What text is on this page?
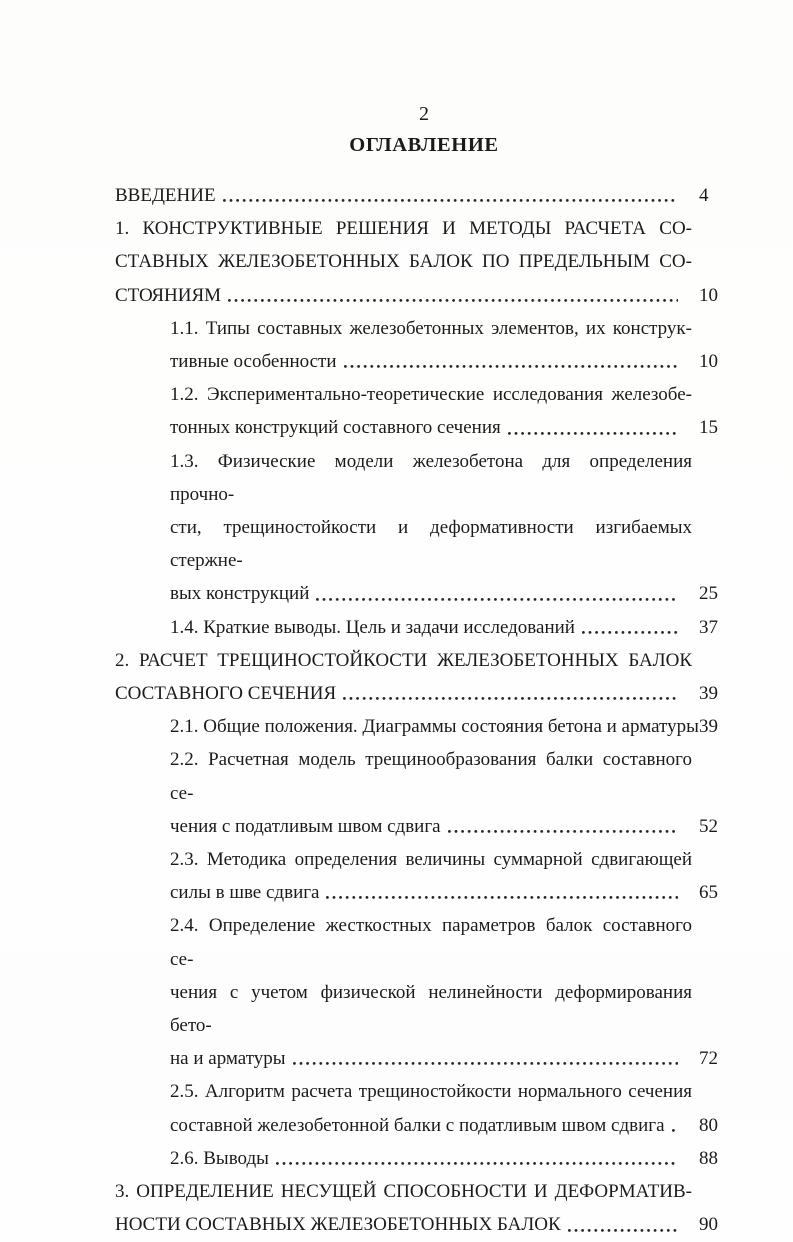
2
ОГЛАВЛЕНИЕ
ВВЕДЕНИЕ	4
1. КОНСТРУКТИВНЫЕ РЕШЕНИЯ И МЕТОДЫ РАСЧЕТА СО-
СТАВНЫХ ЖЕЛЕЗОБЕТОННЫХ БАЛОК ПО ПРЕДЕЛЬНЫМ СО-
СТОЯНИЯМ	10
1.1. Типы составных железобетонных элементов, их конструк-
тивные особенности	10
1.2. Экспериментально-теоретические исследования железобе-
тонных конструкций составного сечения	15
1.3. Физические модели железобетона для определения прочно-
сти, трещиностойкости и деформативности изгибаемых стержне-
вых конструкций	25
1.4. Краткие выводы. Цель и задачи исследований	37
2. РАСЧЕТ ТРЕЩИНОСТОЙКОСТИ ЖЕЛЕЗОБЕТОННЫХ БАЛОК
СОСТАВНОГО СЕЧЕНИЯ	39
2.1. Общие положения. Диаграммы состояния бетона и арматуры 39
2.2. Расчетная модель трещинообразования балки составного се-
чения с податливым швом сдвига	52
2.3. Методика определения величины суммарной сдвигающей
силы в шве сдвига	65
2.4. Определение жесткостных параметров балок составного се-
чения с учетом физической нелинейности деформирования бето-
на и арматуры	72
2.5. Алгоритм расчета трещиностойкости нормального сечения
составной железобетонной балки с податливым швом сдвига	80
2.6. Выводы	88
3. ОПРЕДЕЛЕНИЕ НЕСУЩЕЙ СПОСОБНОСТИ И ДЕФОРМАТИВ-
НОСТИ СОСТАВНЫХ ЖЕЛЕЗОБЕТОННЫХ БАЛОК	90
